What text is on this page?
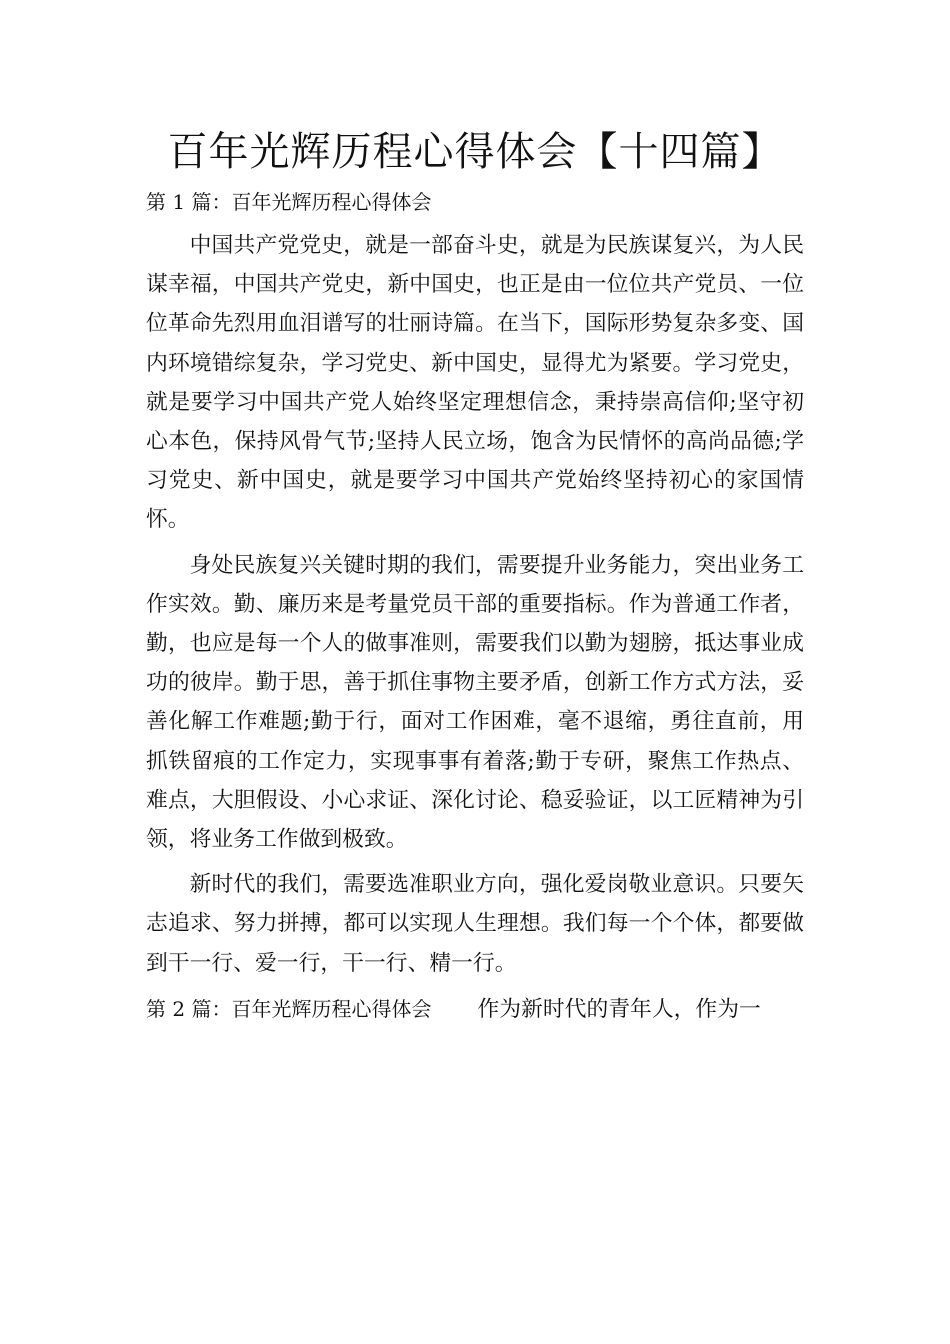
百年光辉历程心得体会【十四篇】

第 1 篇：百年光辉历程心得体会

中国共产党党史，就是一部奋斗史，就是为民族谋复兴，为人民谋幸福，中国共产党史，新中国史，也正是由一位位共产党员、一位位革命先烈用血泪谱写的壮丽诗篇。在当下，国际形势复杂多变、国内环境错综复杂，学习党史、新中国史，显得尤为紧要。学习党史，就是要学习中国共产党人始终坚定理想信念，秉持崇高信仰;坚守初心本色，保持风骨气节;坚持人民立场，饱含为民情怀的高尚品德;学习党史、新中国史，就是要学习中国共产党始终坚持初心的家国情怀。

身处民族复兴关键时期的我们，需要提升业务能力，突出业务工作实效。勤、廉历来是考量党员干部的重要指标。作为普通工作者，勤，也应是每一个人的做事准则，需要我们以勤为翅膀，抵达事业成功的彼岸。勤于思，善于抓住事物主要矛盾，创新工作方式方法，妥善化解工作难题;勤于行，面对工作困难，毫不退缩，勇往直前，用抓铁留痕的工作定力，实现事事有着落;勤于专研，聚焦工作热点、难点，大胆假设、小心求证、深化讨论、稳妥验证，以工匠精神为引领，将业务工作做到极致。

新时代的我们，需要选准职业方向，强化爱岗敬业意识。只要矢志追求、努力拼搏，都可以实现人生理想。我们每一个个体，都要做到干一行、爱一行，干一行、精一行。

第 2 篇：百年光辉历程心得体会 作为新时代的青年人，作为一
